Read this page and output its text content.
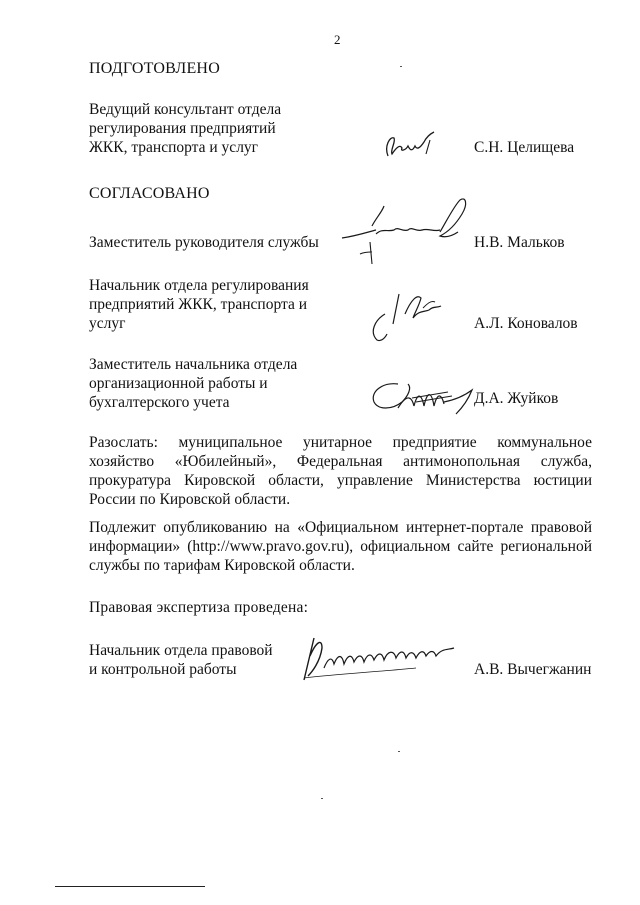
2
ПОДГОТОВЛЕНО
Ведущий консультант отдела
регулирования предприятий
ЖКК, транспорта и услуг	С.Н. Целищева
СОГЛАСОВАНО
Заместитель руководителя службы	Н.В. Мальков
Начальник отдела регулирования
предприятий ЖКК, транспорта и
услуг	А.Л. Коновалов
Заместитель начальника отдела
организационной работы и
бухгалтерского учета	Д.А. Жуйков
Разослать: муниципальное унитарное предприятие коммунальное хозяйство «Юбилейный», Федеральная антимонопольная служба, прокуратура Кировской области, управление Министерства юстиции России по Кировской области.
Подлежит опубликованию на «Официальном интернет-портале правовой информации» (http://www.pravo.gov.ru), официальном сайте региональной службы по тарифам Кировской области.
Правовая экспертиза проведена:
Начальник отдела правовой
и контрольной работы	А.В. Вычегжанин
